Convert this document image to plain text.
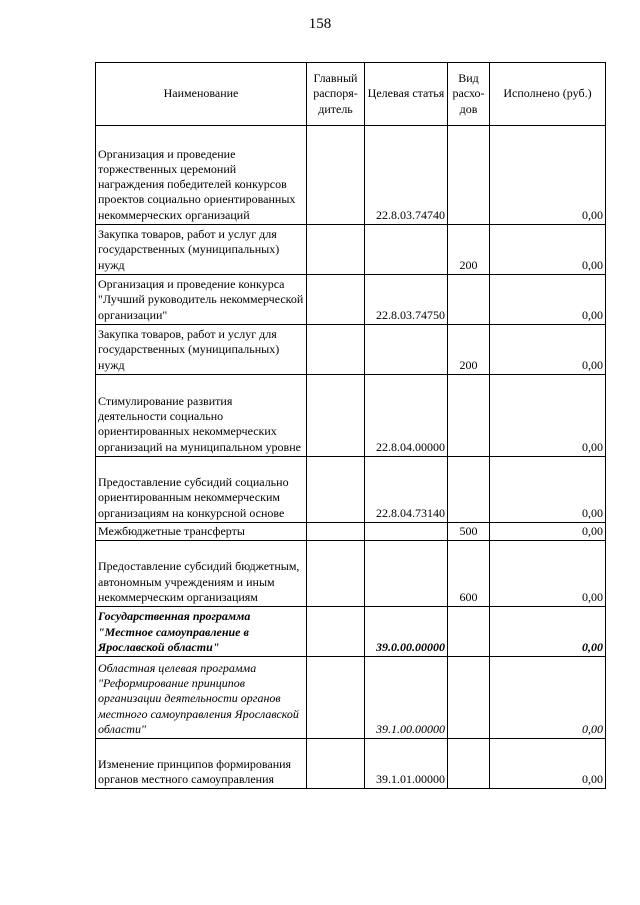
158
Наименование	Главный распоря-дитель	Целевая статья	Вид расхо-дов	Исполнено (руб.)
Организация и проведение торжественных церемоний награждения победителей конкурсов проектов социально ориентированных некоммерческих организаций		22.8.03.74740		0,00
Закупка товаров, работ и услуг для государственных (муниципальных) нужд			200	0,00
Организация и проведение конкурса "Лучший руководитель некоммерческой организации"		22.8.03.74750		0,00
Закупка товаров, работ и услуг для государственных (муниципальных) нужд			200	0,00
Стимулирование развития деятельности социально ориентированных некоммерческих организаций на муниципальном уровне		22.8.04.00000		0,00
Предоставление субсидий социально ориентированным некоммерческим организациям на конкурсной основе		22.8.04.73140		0,00
Межбюджетные трансферты			500	0,00
Предоставление субсидий бюджетным, автономным учреждениям и иным некоммерческим организациям			600	0,00
Государственная программа "Местное самоуправление в Ярославской области"		39.0.00.00000		0,00
Областная целевая программа "Реформирование принципов организации деятельности органов местного самоуправления Ярославской области"		39.1.00.00000		0,00
Изменение принципов формирования органов местного самоуправления		39.1.01.00000		0,00
